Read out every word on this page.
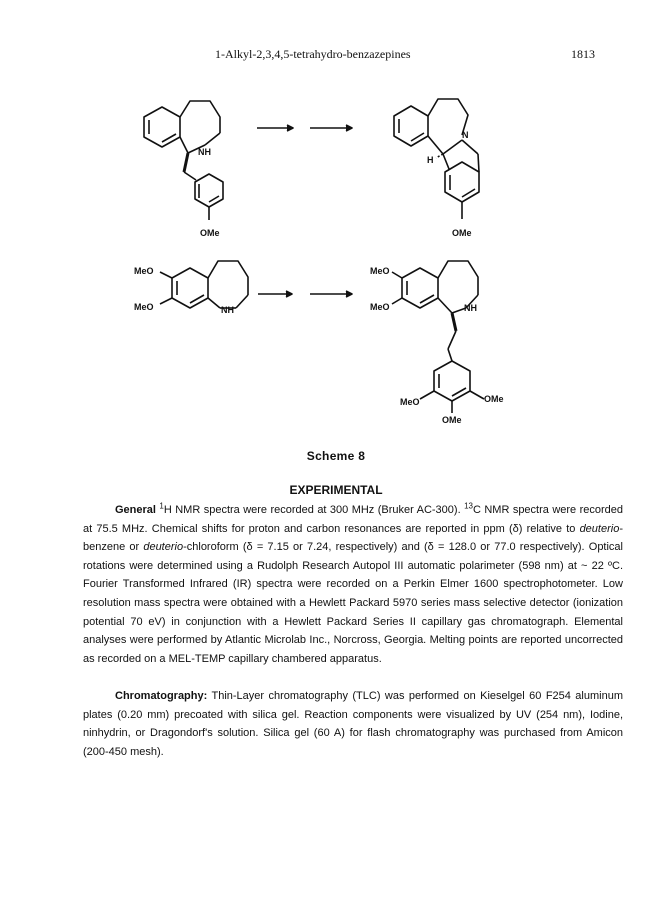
1-Alkyl-2,3,4,5-tetrahydro-benzazepines	1813
NH
OMe
N
H
OMe
MeO
MeO	NH
MeO
MeO	NH
MeO	OMe
OMe
Scheme 8
EXPERIMENTAL

General $^1$H NMR spectra were recorded at 300 MHz (Bruker AC-300). $^{13}$C NMR spectra were recorded at 75.5 MHz. Chemical shifts for proton and carbon resonances are reported in ppm (δ) relative to deuterio-benzene or deuterio-chloroform (δ = 7.15 or 7.24, respectively) and (δ = 128.0 or 77.0 respectively). Optical rotations were determined using a Rudolph Research Autopol III automatic polarimeter (598 nm) at ~ 22 ºC. Fourier Transformed Infrared (IR) spectra were recorded on a Perkin Elmer 1600 spectrophotometer. Low resolution mass spectra were obtained with a Hewlett Packard 5970 series mass selective detector (ionization potential 70 eV) in conjunction with a Hewlett Packard Series II capillary gas chromatograph. Elemental analyses were performed by Atlantic Microlab Inc., Norcross, Georgia. Melting points are reported uncorrected as recorded on a MEL-TEMP capillary chambered apparatus.

Chromatography: Thin-Layer chromatography (TLC) was performed on Kieselgel 60 F254 aluminum plates (0.20 mm) precoated with silica gel. Reaction components were visualized by UV (254 nm), Iodine, ninhydrin, or Dragondorf's solution. Silica gel (60 A) for flash chromatography was purchased from Amicon (200-450 mesh).
